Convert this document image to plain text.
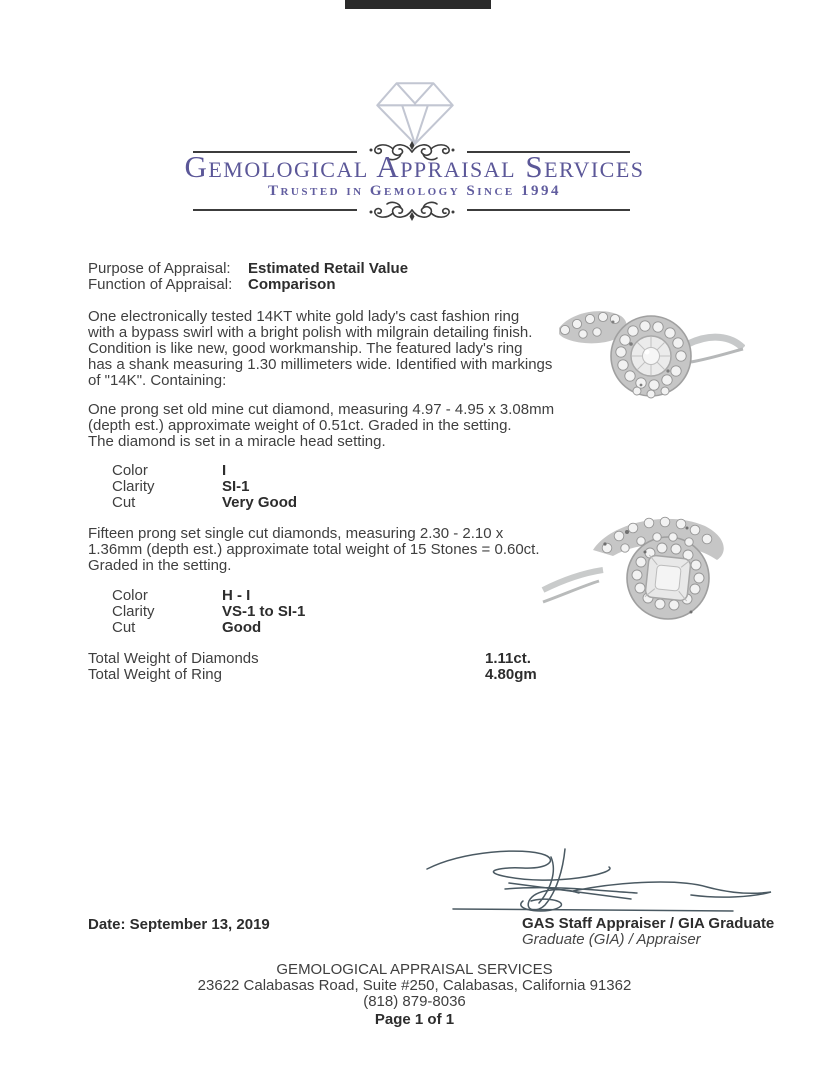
Gemological Appraisal Services
Trusted in Gemology Since 1994
Purpose of Appraisal:	Estimated Retail Value
Function of Appraisal:	Comparison
One electronically tested 14KT white gold lady's cast fashion ring
with a bypass swirl with a bright polish with milgrain detailing finish.
Condition is like new, good workmanship. The featured lady's ring
has a shank measuring 1.30 millimeters wide. Identified with markings
of "14K". Containing:
One prong set old mine cut diamond, measuring 4.97 - 4.95 x 3.08mm
(depth est.) approximate weight of 0.51ct. Graded in the setting.
The diamond is set in a miracle head setting.
Color	I
Clarity	SI-1
Cut	Very Good
Fifteen prong set single cut diamonds, measuring 2.30 - 2.10 x
1.36mm (depth est.) approximate total weight of 15 Stones = 0.60ct.
Graded in the setting.
Color	H - I
Clarity	VS-1 to SI-1
Cut	Good
Total Weight of Diamonds	1.11ct.
Total Weight of Ring	4.80gm
Date: September 13, 2019	GAS Staff Appraiser / GIA Graduate
Graduate (GIA) / Appraiser
GEMOLOGICAL APPRAISAL SERVICES
23622 Calabasas Road, Suite #250, Calabasas, California 91362
(818) 879-8036
Page 1 of 1
